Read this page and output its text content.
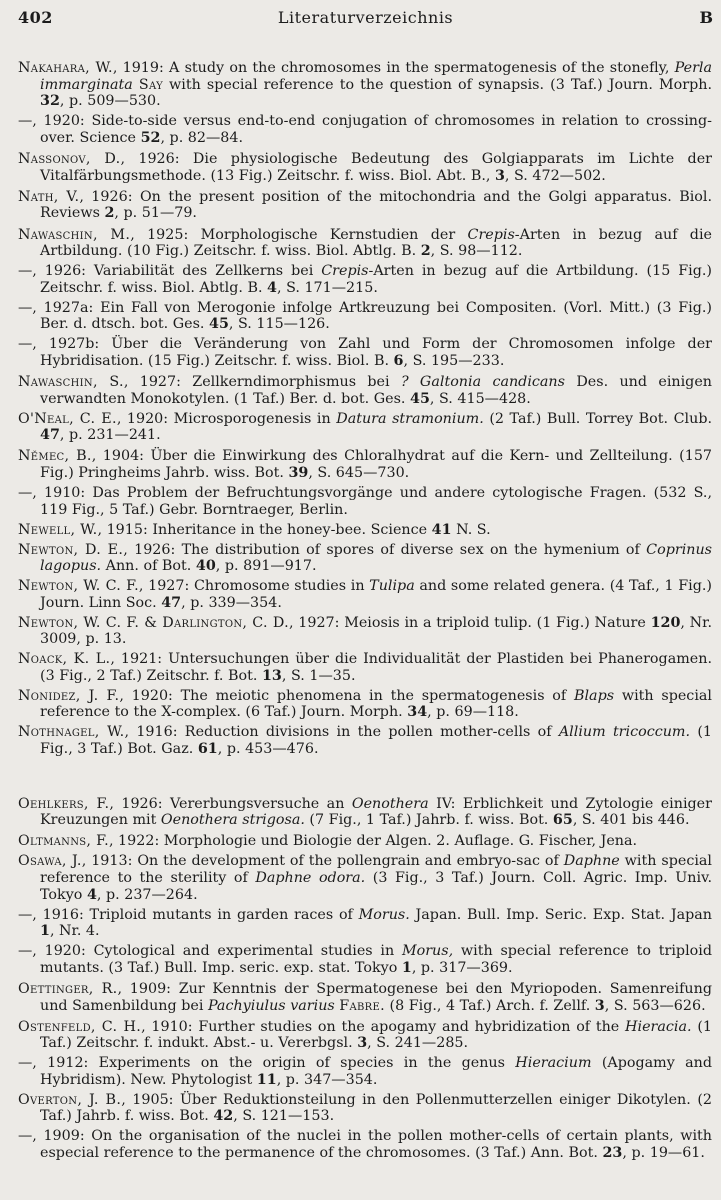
402	Literaturverzeichnis	B

Nakahara, W., 1919: A study on the chromosomes in the spermatogenesis of the stonefly, Perla immarginata Say with special reference to the question of synapsis. (3 Taf.) Journ. Morph. 32, p. 509—530.

—, 1920: Side-to-side versus end-to-end conjugation of chromosomes in relation to crossing-over. Science 52, p. 82—84.

Nassonov, D., 1926: Die physiologische Bedeutung des Golgiapparats im Lichte der Vitalfärbungsmethode. (13 Fig.) Zeitschr. f. wiss. Biol. Abt. B., 3, S. 472—502.

Nath, V., 1926: On the present position of the mitochondria and the Golgi apparatus. Biol. Reviews 2, p. 51—79.

Nawaschin, M., 1925: Morphologische Kernstudien der Crepis-Arten in bezug auf die Artbildung. (10 Fig.) Zeitschr. f. wiss. Biol. Abtlg. B. 2, S. 98—112.

—, 1926: Variabilität des Zellkerns bei Crepis-Arten in bezug auf die Artbildung. (15 Fig.) Zeitschr. f. wiss. Biol. Abtlg. B. 4, S. 171—215.

—, 1927a: Ein Fall von Merogonie infolge Artkreuzung bei Compositen. (Vorl. Mitt.) (3 Fig.) Ber. d. dtsch. bot. Ges. 45, S. 115—126.

—, 1927b: Über die Veränderung von Zahl und Form der Chromosomen infolge der Hybridisation. (15 Fig.) Zeitschr. f. wiss. Biol. B. 6, S. 195—233.

Nawaschin, S., 1927: Zellkerndimorphismus bei ? Galtonia candicans Des. und einigen verwandten Monokotylen. (1 Taf.) Ber. d. bot. Ges. 45, S. 415—428.

O'Neal, C. E., 1920: Microsporogenesis in Datura stramonium. (2 Taf.) Bull. Torrey Bot. Club. 47, p. 231—241.

Němec, B., 1904: Über die Einwirkung des Chloralhydrat auf die Kern- und Zellteilung. (157 Fig.) Pringheims Jahrb. wiss. Bot. 39, S. 645—730.

—, 1910: Das Problem der Befruchtungsvorgänge und andere cytologische Fragen. (532 S., 119 Fig., 5 Taf.) Gebr. Borntraeger, Berlin.

Newell, W., 1915: Inheritance in the honey-bee. Science 41 N. S.

Newton, D. E., 1926: The distribution of spores of diverse sex on the hymenium of Coprinus lagopus. Ann. of Bot. 40, p. 891—917.

Newton, W. C. F., 1927: Chromosome studies in Tulipa and some related genera. (4 Taf., 1 Fig.) Journ. Linn Soc. 47, p. 339—354.

Newton, W. C. F. & Darlington, C. D., 1927: Meiosis in a triploid tulip. (1 Fig.) Nature 120, Nr. 3009, p. 13.

Noack, K. L., 1921: Untersuchungen über die Individualität der Plastiden bei Phanerogamen. (3 Fig., 2 Taf.) Zeitschr. f. Bot. 13, S. 1—35.

Nonidez, J. F., 1920: The meiotic phenomena in the spermatogenesis of Blaps with special reference to the X-complex. (6 Taf.) Journ. Morph. 34, p. 69—118.

Nothnagel, W., 1916: Reduction divisions in the pollen mother-cells of Allium tricoccum. (1 Fig., 3 Taf.) Bot. Gaz. 61, p. 453—476.

Oehlkers, F., 1926: Vererbungsversuche an Oenothera IV: Erblichkeit und Zytologie einiger Kreuzungen mit Oenothera strigosa. (7 Fig., 1 Taf.) Jahrb. f. wiss. Bot. 65, S. 401 bis 446.

Oltmanns, F., 1922: Morphologie und Biologie der Algen. 2. Auflage. G. Fischer, Jena.

Osawa, J., 1913: On the development of the pollengrain and embryo-sac of Daphne with special reference to the sterility of Daphne odora. (3 Fig., 3 Taf.) Journ. Coll. Agric. Imp. Univ. Tokyo 4, p. 237—264.

—, 1916: Triploid mutants in garden races of Morus. Japan. Bull. Imp. Seric. Exp. Stat. Japan 1, Nr. 4.

—, 1920: Cytological and experimental studies in Morus, with special reference to triploid mutants. (3 Taf.) Bull. Imp. seric. exp. stat. Tokyo 1, p. 317—369.

Oettinger, R., 1909: Zur Kenntnis der Spermatogenese bei den Myriopoden. Samenreifung und Samenbildung bei Pachyiulus varius Fabre. (8 Fig., 4 Taf.) Arch. f. Zellf. 3, S. 563—626.

Ostenfeld, C. H., 1910: Further studies on the apogamy and hybridization of the Hieracia. (1 Taf.) Zeitschr. f. indukt. Abst.- u. Vererbgsl. 3, S. 241—285.

—, 1912: Experiments on the origin of species in the genus Hieracium (Apogamy and Hybridism). New. Phytologist 11, p. 347—354.

Overton, J. B., 1905: Über Reduktionsteilung in den Pollenmutterzellen einiger Dikotylen. (2 Taf.) Jahrb. f. wiss. Bot. 42, S. 121—153.

—, 1909: On the organisation of the nuclei in the pollen mother-cells of certain plants, with especial reference to the permanence of the chromosomes. (3 Taf.) Ann. Bot. 23, p. 19—61.
